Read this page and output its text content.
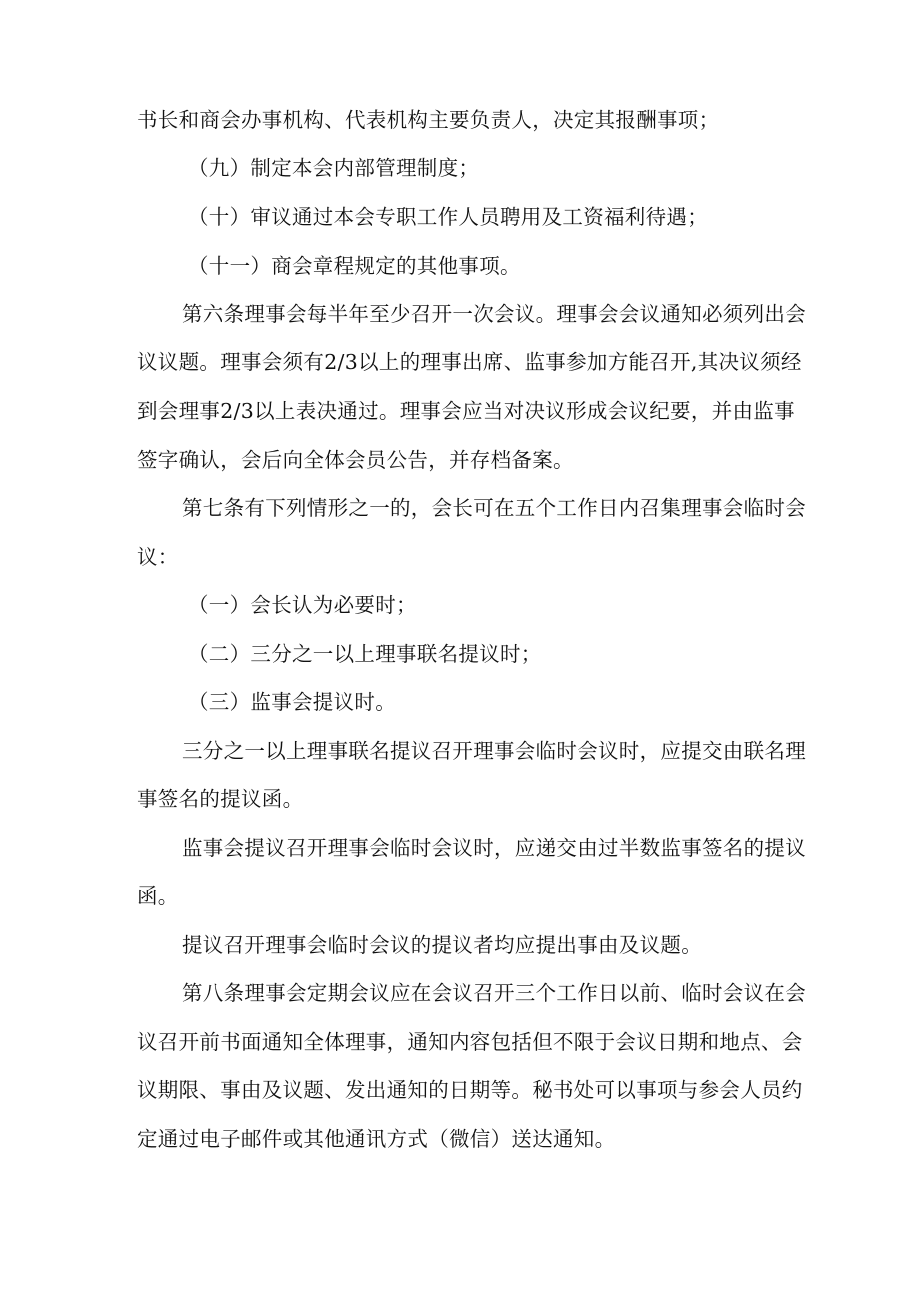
书长和商会办事机构、代表机构主要负责人，决定其报酬事项；

（九）制定本会内部管理制度；

（十）审议通过本会专职工作人员聘用及工资福利待遇；

（十一）商会章程规定的其他事项。

第六条理事会每半年至少召开一次会议。理事会会议通知必须列出会

议议题。理事会须有2/3以上的理事出席、监事参加方能召开,其决议须经

到会理事2/3以上表决通过。理事会应当对决议形成会议纪要，并由监事

签字确认，会后向全体会员公告，并存档备案。

第七条有下列情形之一的，会长可在五个工作日内召集理事会临时会

议：

（一）会长认为必要时；

（二）三分之一以上理事联名提议时；

（三）监事会提议时。

三分之一以上理事联名提议召开理事会临时会议时，应提交由联名理

事签名的提议函。

监事会提议召开理事会临时会议时，应递交由过半数监事签名的提议

函。

提议召开理事会临时会议的提议者均应提出事由及议题。

第八条理事会定期会议应在会议召开三个工作日以前、临时会议在会

议召开前书面通知全体理事，通知内容包括但不限于会议日期和地点、会

议期限、事由及议题、发出通知的日期等。秘书处可以事项与参会人员约

定通过电子邮件或其他通讯方式（微信）送达通知。
